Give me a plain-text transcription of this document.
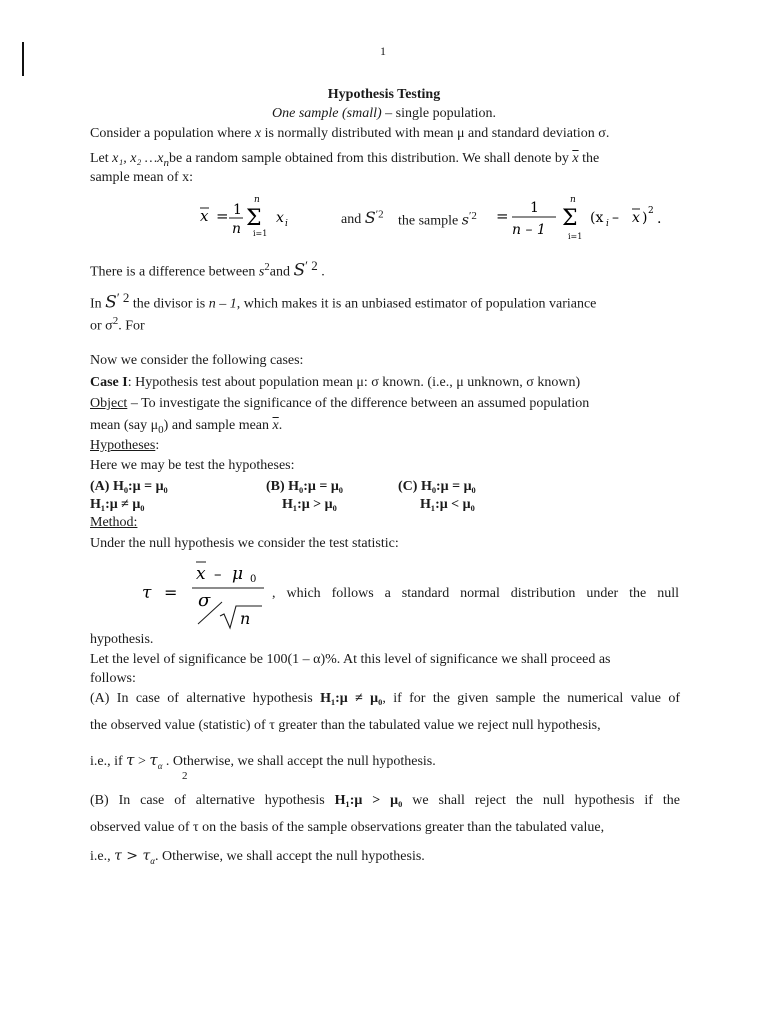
1
Hypothesis Testing
One sample (small) – single population.
Consider a population where x is normally distributed with mean μ and standard deviation σ.
Let x₁, x₂ $\dots x_nbe$ a random sample obtained from this distribution. We shall denote by $\overline{x}$ the
sample mean of x:
x = 1
n
n
Σ
i=1
x i	and $S^{'2}$ the sample $s^{'2} = 1$
n – 1
n
Σ
i=1
(x i – x ) 2 .
There is a difference between $s^2and$ $S^{' 2}$ .
In $S^{' 2}$ the divisor is n – 1, which makes it is an unbiased estimator of population variance
or $\sigma^2$. For
Now we consider the following cases:
Case I: Hypothesis test about population mean μ: σ known. (i.e., μ unknown, σ known)
Object – To investigate the significance of the difference between an assumed population
mean (say $\mu_0$) and sample mean $\overline{x}$.
Hypotheses:
Here we may be test the hypotheses:
(A) H₀:μ = μ₀
H₁:μ ≠ μ₀
(B) H₀:μ = μ₀
H₁:μ > μ₀
(C) H₀:μ = μ₀
H₁:μ < μ₀
Method:
Under the null hypothesis we consider the test statistic:
τ =
x – μ 0
σ
n
, which follows a standard normal distribution under the null
hypothesis.
Let the level of significance be 100(1 – α)%. At this level of significance we shall proceed as
follows:
(A) In case of alternative hypothesis H₁:μ ≠ μ₀, if for the given sample the numerical value of
the observed value (statistic) of τ greater than the tabulated value we reject null hypothesis,
i.e., if $\tau > \tau_\alpha$ . Otherwise, we shall accept the null hypothesis.
2
(B) In case of alternative hypothesis H₁:μ > μ₀ we shall reject the null hypothesis if the
observed value of τ on the basis of the sample observations greater than the tabulated value,
i.e., $\tau > \tau_\alpha$. Otherwise, we shall accept the null hypothesis.
